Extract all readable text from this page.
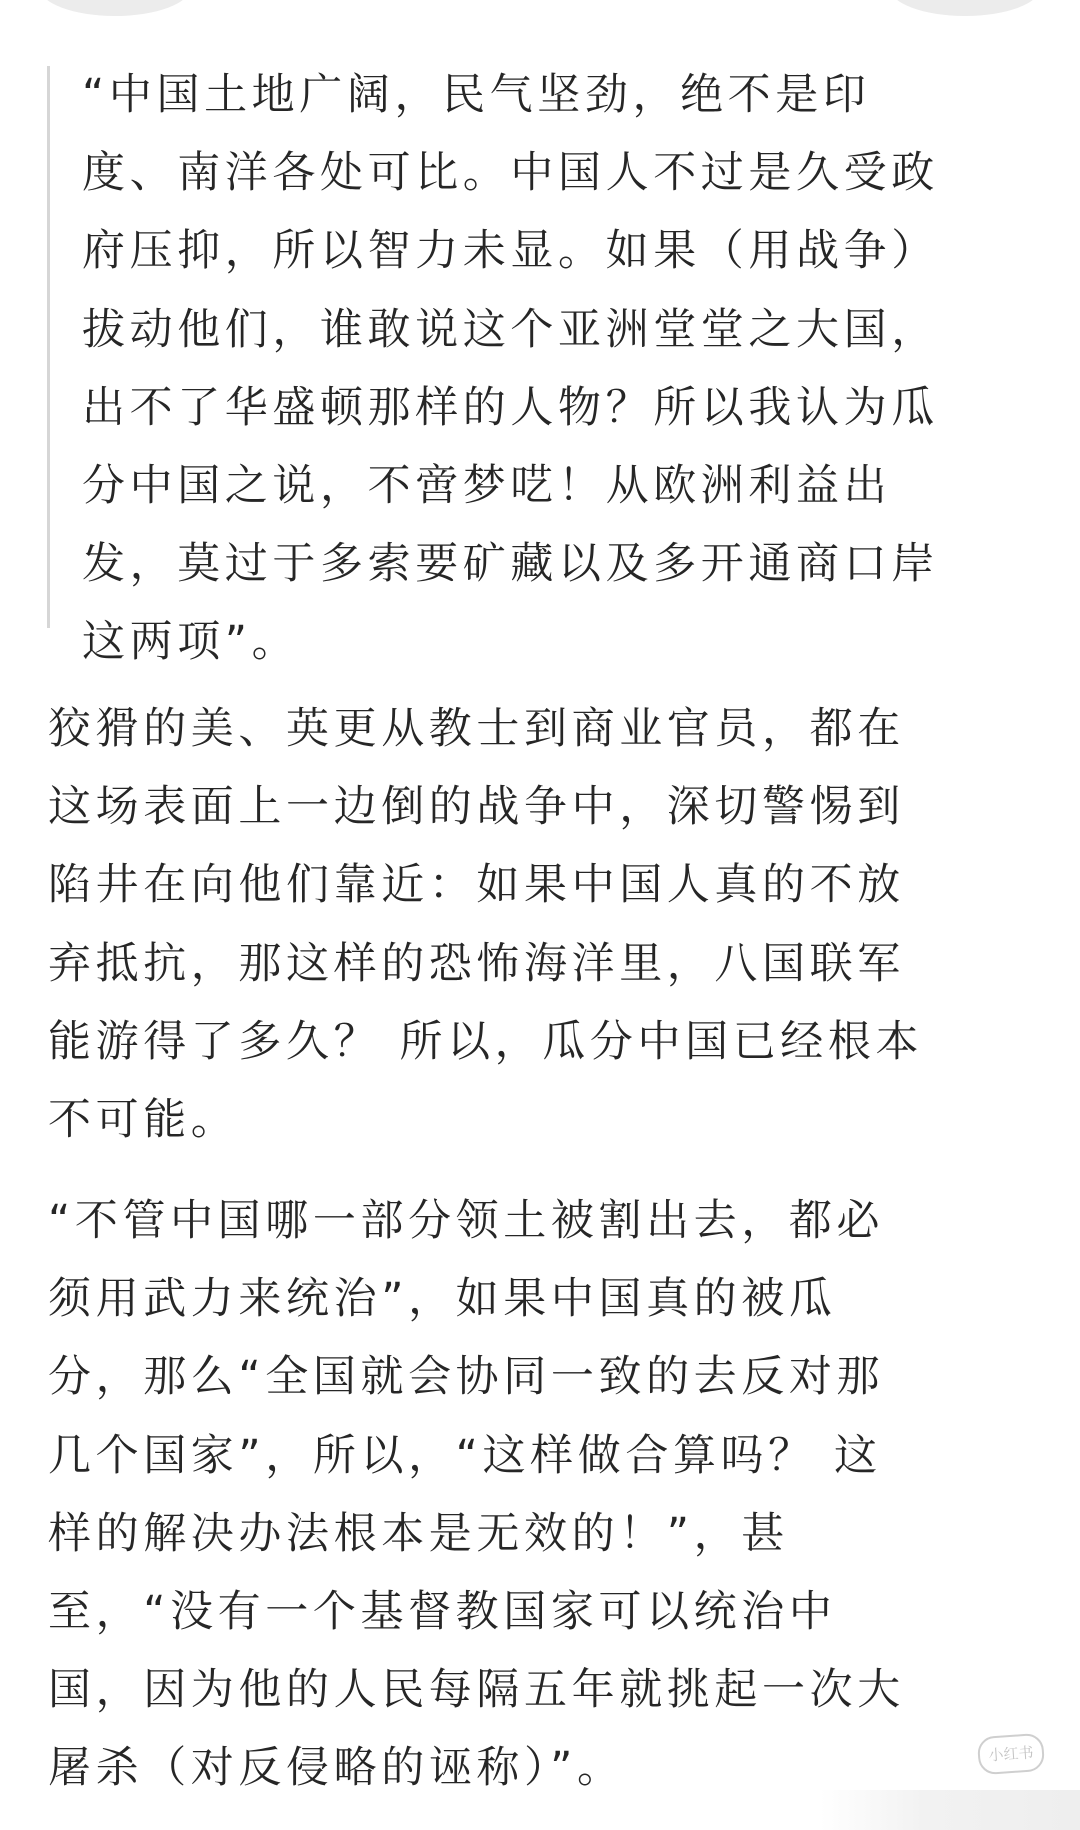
“中国土地广阔，民气坚劲，绝不是印
度、南洋各处可比。中国人不过是久受政
府压抑，所以智力未显。如果（用战争）
拔动他们，谁敢说这个亚洲堂堂之大国，
出不了华盛顿那样的人物？所以我认为瓜
分中国之说，不啻梦呓！从欧洲利益出
发，莫过于多索要矿藏以及多开通商口岸
这两项”。

狡猾的美、英更从教士到商业官员，都在
这场表面上一边倒的战争中，深切警惕到
陷井在向他们靠近：如果中国人真的不放
弃抵抗，那这样的恐怖海洋里，八国联军
能游得了多久？ 所以，瓜分中国已经根本
不可能。

“不管中国哪一部分领土被割出去，都必
须用武力来统治”，如果中国真的被瓜
分，那么“全国就会协同一致的去反对那
几个国家”，所以，“这样做合算吗？ 这
样的解决办法根本是无效的！”，甚
至，“没有一个基督教国家可以统治中
国，因为他的人民每隔五年就挑起一次大
屠杀（对反侵略的诬称）”。	小红书
